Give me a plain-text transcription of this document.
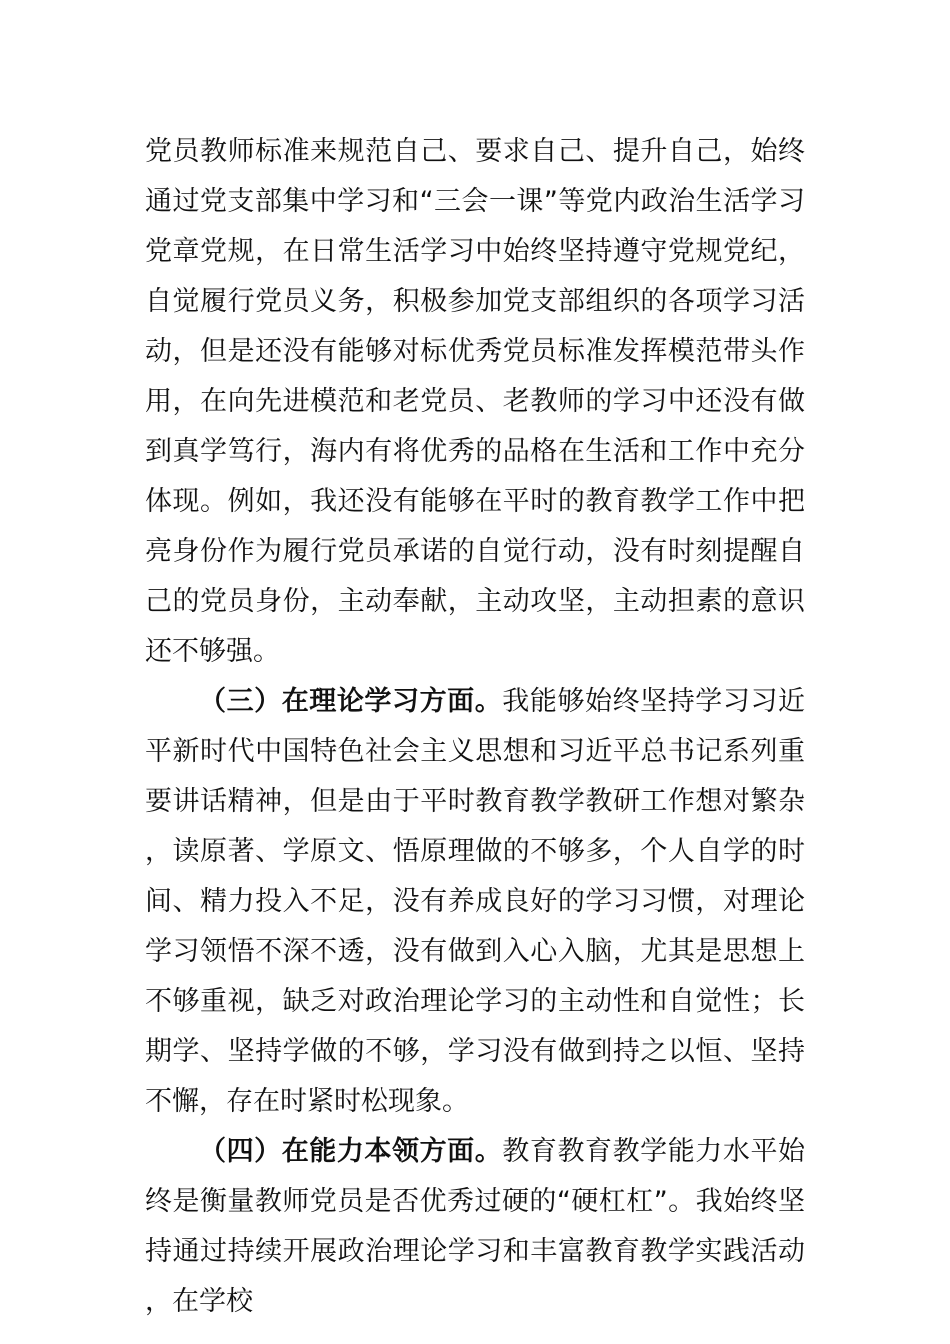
党员教师标准来规范自己、要求自己、提升自己，始终通过党支部集中学习和“三会一课”等党内政治生活学习党章党规，在日常生活学习中始终坚持遵守党规党纪，自觉履行党员义务，积极参加党支部组织的各项学习活动，但是还没有能够对标优秀党员标准发挥模范带头作用，在向先进模范和老党员、老教师的学习中还没有做到真学笃行，海内有将优秀的品格在生活和工作中充分体现。例如，我还没有能够在平时的教育教学工作中把亮身份作为履行党员承诺的自觉行动，没有时刻提醒自己的党员身份，主动奉献，主动攻坚，主动担素的意识还不够强。

（三）在理论学习方面。我能够始终坚持学习习近平新时代中国特色社会主义思想和习近平总书记系列重要讲话精神，但是由于平时教育教学教研工作想对繁杂，读原著、学原文、悟原理做的不够多，个人自学的时间、精力投入不足，没有养成良好的学习习惯，对理论学习领悟不深不透，没有做到入心入脑，尤其是思想上不够重视，缺乏对政治理论学习的主动性和自觉性；长期学、坚持学做的不够，学习没有做到持之以恒、坚持不懈，存在时紧时松现象。

（四）在能力本领方面。教育教育教学能力水平始终是衡量教师党员是否优秀过硬的“硬杠杠”。我始终坚持通过持续开展政治理论学习和丰富教育教学实践活动，在学校
